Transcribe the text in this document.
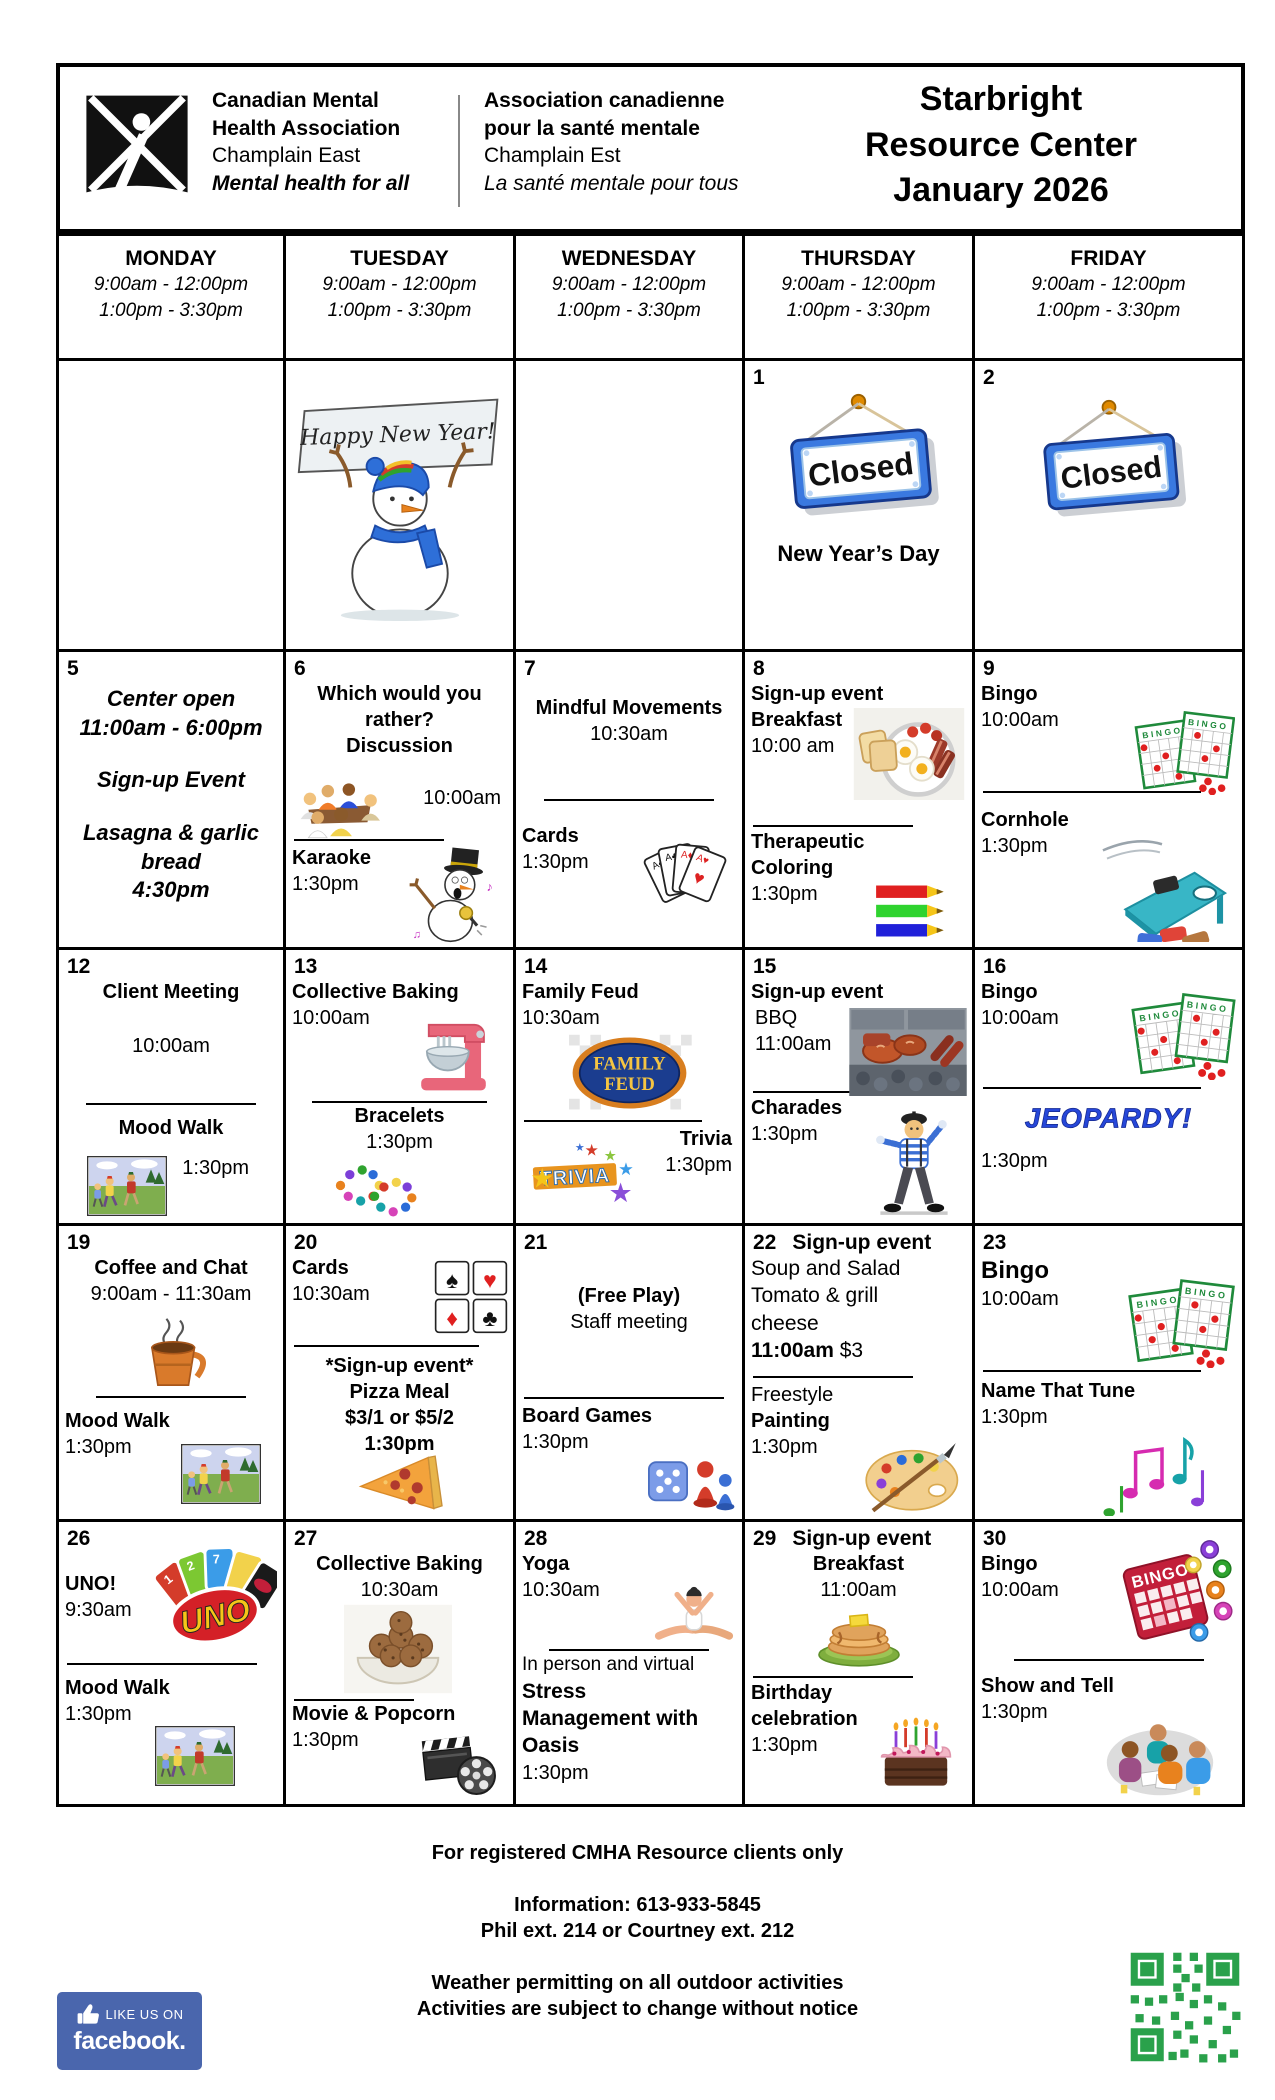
Canadian Mental
Health Association
Champlain East
Mental health for all
Association canadienne
pour la santé mentale
Champlain Est
La santé mentale pour tous
Starbright
Resource Center
January 2026
MONDAY
9:00am - 12:00pm
1:00pm - 3:30pm
TUESDAY
9:00am - 12:00pm
1:00pm - 3:30pm
WEDNESDAY
9:00am - 12:00pm
1:00pm - 3:30pm
THURSDAY
9:00am - 12:00pm
1:00pm - 3:30pm
FRIDAY
9:00am - 12:00pm
1:00pm - 3:30pm
1
New Year’s Day
2
5
Center open
11:00am - 6:00pm
Sign-up Event
Lasagna & garlic
bread
4:30pm
6
Which would you
rather?
Discussion
10:00am
Karaoke
1:30pm
7
Mindful Movements
10:30am
Cards
1:30pm
8
Sign-up event
Breakfast
10:00 am
Therapeutic
Coloring
1:30pm
9
Bingo
10:00am
Cornhole
1:30pm
12
Client Meeting
10:00am
Mood Walk
1:30pm
13
Collective Baking
10:00am
Bracelets
1:30pm
14
Family Feud
10:30am
Trivia
1:30pm
15
Sign-up event
BBQ
11:00am
Charades
1:30pm
16
Bingo
10:00am
1:30pm
19
Coffee and Chat
9:00am - 11:30am
Mood Walk
1:30pm
20
Cards
10:30am
*Sign-up event*
Pizza Meal
$3/1 or $5/2
1:30pm
21
(Free Play)
Staff meeting
Board Games
1:30pm
22 Sign-up event
Soup and Salad
Tomato & grill
cheese
11:00am $3
Freestyle
Painting
1:30pm
23
Bingo
10:00am
Name That Tune
1:30pm
26
UNO!
9:30am
Mood Walk
1:30pm
27
Collective Baking
10:30am
Movie & Popcorn
1:30pm
28
Yoga
10:30am
In person and virtual
Stress
Management with
Oasis
1:30pm
29 Sign-up event
Breakfast
11:00am
Birthday
celebration
1:30pm
30
Bingo
10:00am
Show and Tell
1:30pm
For registered CMHA Resource clients only
Information: 613-933-5845
Phil ext. 214 or Courtney ext. 212
Weather permitting on all outdoor activities
Activities are subject to change without notice
LIKE US ON
facebook.
